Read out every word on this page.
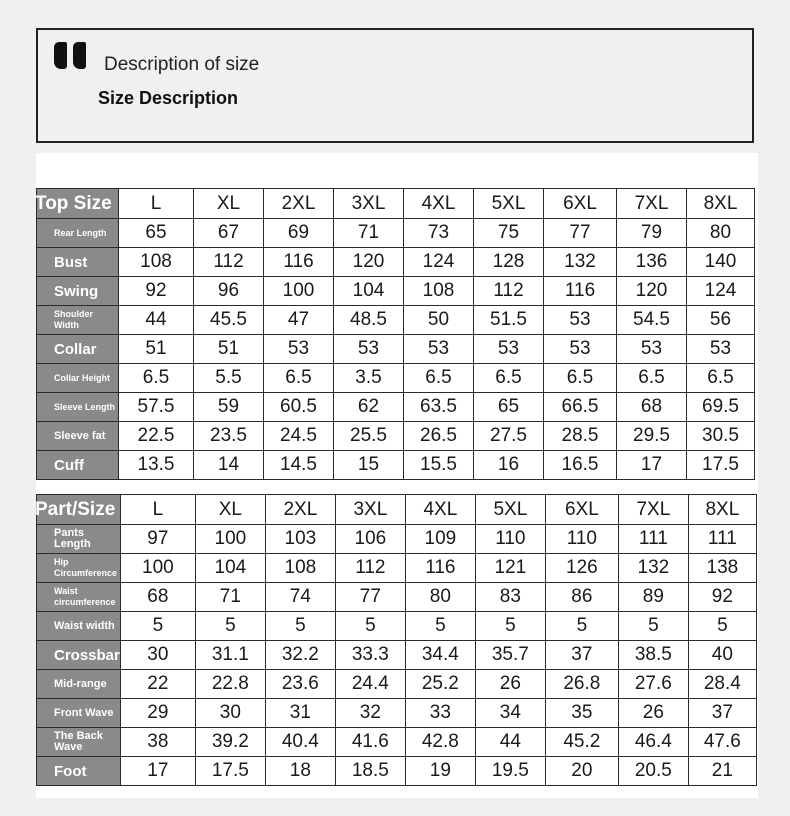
Description of size
Size Description
Top Size	L	XL	2XL	3XL	4XL	5XL	6XL	7XL	8XL
Rear Length	65	67	69	71	73	75	77	79	80
Bust	108	112	116	120	124	128	132	136	140
Swing	92	96	100	104	108	112	116	120	124
Shoulder Width	44	45.5	47	48.5	50	51.5	53	54.5	56
Collar	51	51	53	53	53	53	53	53	53
Collar Height	6.5	5.5	6.5	3.5	6.5	6.5	6.5	6.5	6.5
Sleeve Length	57.5	59	60.5	62	63.5	65	66.5	68	69.5
Sleeve fat	22.5	23.5	24.5	25.5	26.5	27.5	28.5	29.5	30.5
Cuff	13.5	14	14.5	15	15.5	16	16.5	17	17.5
Part/Size	L	XL	2XL	3XL	4XL	5XL	6XL	7XL	8XL
Pants Length	97	100	103	106	109	110	110	111	111
Hip Circumference	100	104	108	112	116	121	126	132	138
Waist circumference	68	71	74	77	80	83	86	89	92
Waist width	5	5	5	5	5	5	5	5	5
Crossbar	30	31.1	32.2	33.3	34.4	35.7	37	38.5	40
Mid-range	22	22.8	23.6	24.4	25.2	26	26.8	27.6	28.4
Front Wave	29	30	31	32	33	34	35	26	37
The Back Wave	38	39.2	40.4	41.6	42.8	44	45.2	46.4	47.6
Foot	17	17.5	18	18.5	19	19.5	20	20.5	21
